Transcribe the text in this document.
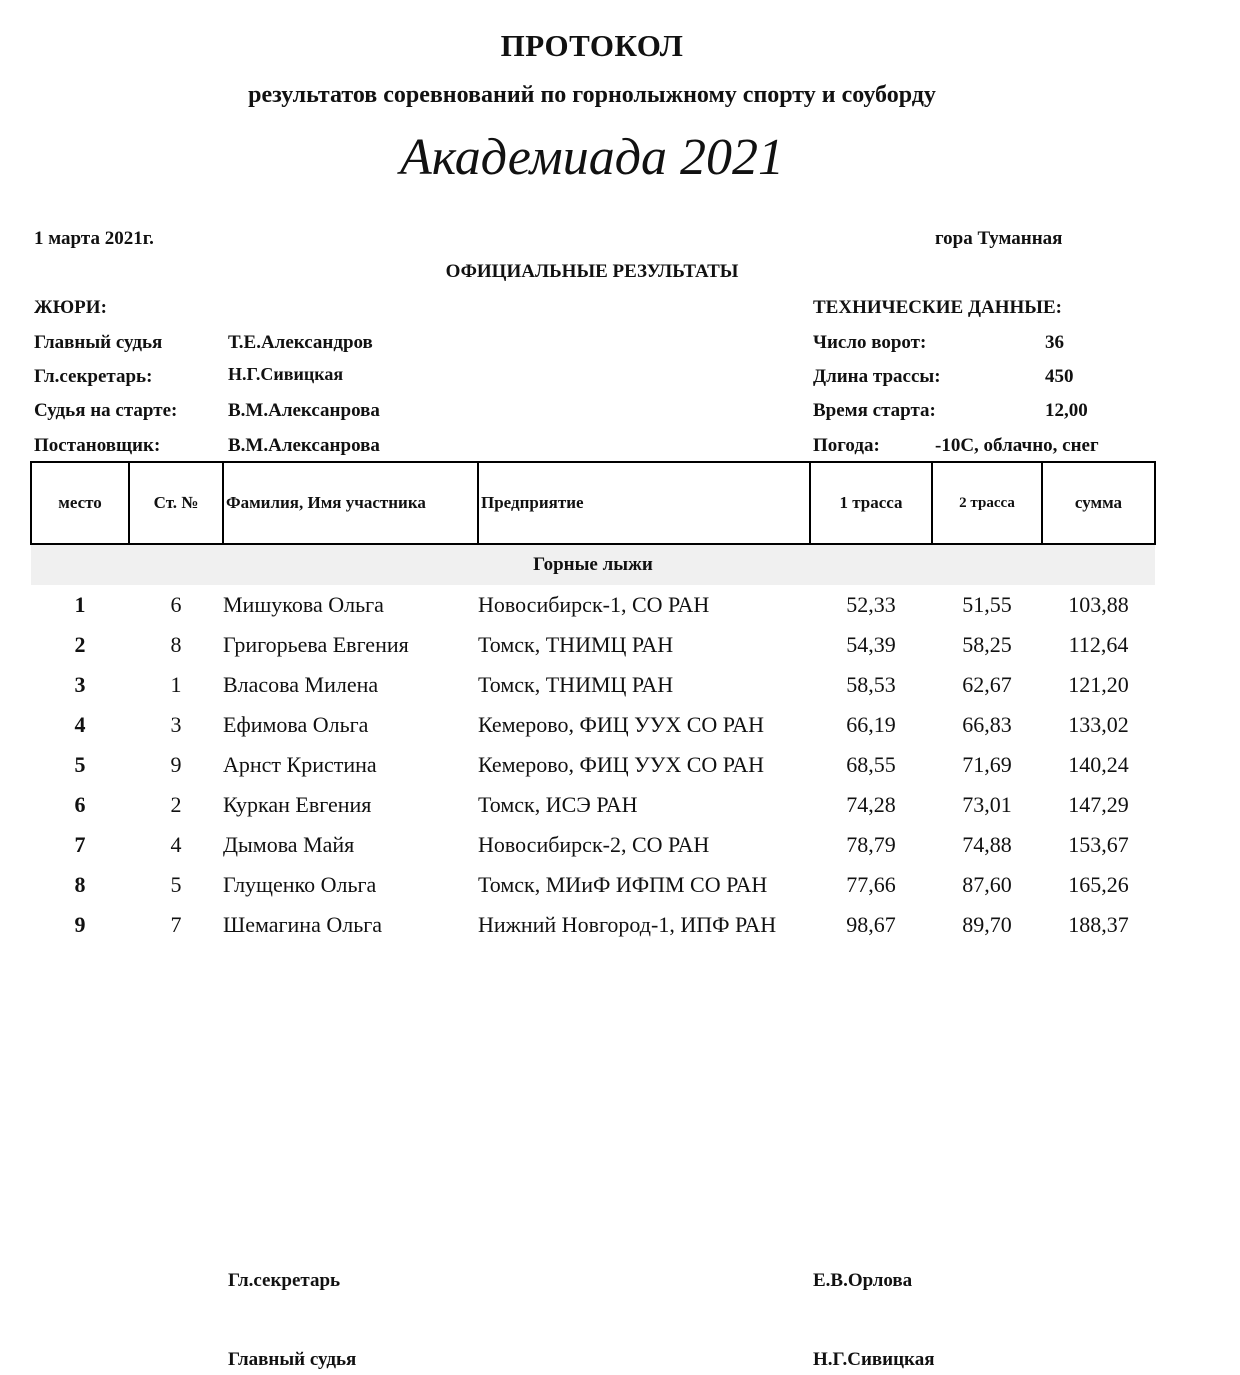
ПРОТОКОЛ
результатов соревнований по горнолыжному спорту и соуборду
Академиада 2021
1 марта 2021г.	гора Туманная
ОФИЦИАЛЬНЫЕ РЕЗУЛЬТАТЫ
ЖЮРИ:
Главный судья	Т.Е.Александров
Гл.секретарь:	Н.Г.Сивицкая
Судья на старте:	В.М.Алексанрова
Постановщик:	В.М.Алексанрова
ТЕХНИЧЕСКИЕ ДАННЫЕ:
Число ворот:	36
Длина трассы:	450
Время старта:	12,00
Погода:	-10С, облачно, снег
место	Ст. №	Фамилия, Имя участника	Предприятие	1 трасса	2 трасса	сумма
Горные лыжи						
1	6	Мишукова Ольга	Новосибирск-1, СО РАН	52,33	51,55	103,88
2	8	Григорьева Евгения	Томск, ТНИМЦ РАН	54,39	58,25	112,64
3	1	Власова Милена	Томск, ТНИМЦ РАН	58,53	62,67	121,20
4	3	Ефимова Ольга	Кемерово, ФИЦ УУХ СО РАН	66,19	66,83	133,02
5	9	Арнст Кристина	Кемерово, ФИЦ УУХ СО РАН	68,55	71,69	140,24
6	2	Куркан Евгения	Томск, ИСЭ РАН	74,28	73,01	147,29
7	4	Дымова Майя	Новосибирск-2, СО РАН	78,79	74,88	153,67
8	5	Глущенко Ольга	Томск, МИиФ ИФПМ СО РАН	77,66	87,60	165,26
9	7	Шемагина Ольга	Нижний Новгород-1, ИПФ РАН	98,67	89,70	188,37
Гл.секретарь	Е.В.Орлова
Главный судья	Н.Г.Сивицкая
